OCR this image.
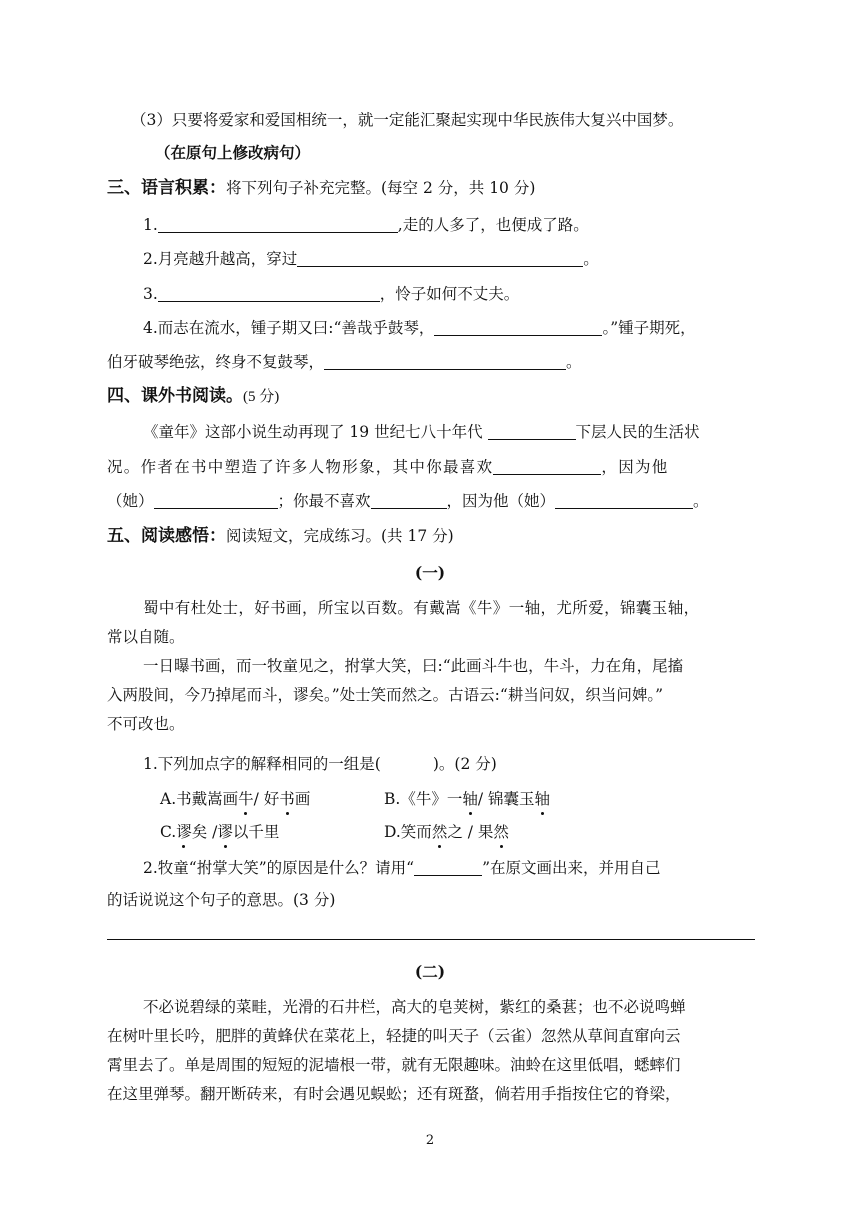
（3）只要将爱家和爱国相统一，就一定能汇聚起实现中华民族伟大复兴中国梦。
（在原句上修改病句）
三、语言积累：将下列句子补充完整。(每空 2 分，共 10 分)
1.	,走的人多了，也便成了路。
2.月亮越升越高，穿过	。
3.	，怜子如何不丈夫。
4.而志在流水，锺子期又曰:“善哉乎鼓琴，	。”锺子期死，
伯牙破琴绝弦，终身不复鼓琴，	。
四、课外书阅读。(5 分)
《童年》这部小说生动再现了 19 世纪七八十年代	下层人民的生活状
况。作者在书中塑造了许多人物形象，其中你最喜欢	，因为他
（她）	；你最不喜欢	，因为他（她）	。
五、阅读感悟：阅读短文，完成练习。(共 17 分)
(一)
蜀中有杜处士，好书画，所宝以百数。有戴嵩《牛》一轴，尤所爱，锦囊玉轴，
常以自随。
一日曝书画，而一牧童见之，拊掌大笑，曰:“此画斗牛也，牛斗，力在角，尾搐
入两股间，今乃掉尾而斗，谬矣。”处士笑而然之。古语云:“耕当问奴，织当问婢。”
不可改也。
1.下列加点字的解释相同的一组是(	)。(2 分)
A.书戴嵩画牛/ 好书画	B.《牛》一轴/ 锦囊玉轴
C.谬矣 /谬以千里	D.笑而然之 / 果然
2.牧童“拊掌大笑”的原因是什么？请用“	”在原文画出来，并用自己
的话说说这个句子的意思。(3 分)
(二)
不必说碧绿的菜畦，光滑的石井栏，高大的皂荚树，紫红的桑葚；也不必说鸣蝉
在树叶里长吟，肥胖的黄蜂伏在菜花上，轻捷的叫天子（云雀）忽然从草间直窜向云
霄里去了。单是周围的短短的泥墙根一带，就有无限趣味。油蛉在这里低唱，蟋蟀们
在这里弹琴。翻开断砖来，有时会遇见蜈蚣；还有斑蝥，倘若用手指按住它的脊梁，
2
